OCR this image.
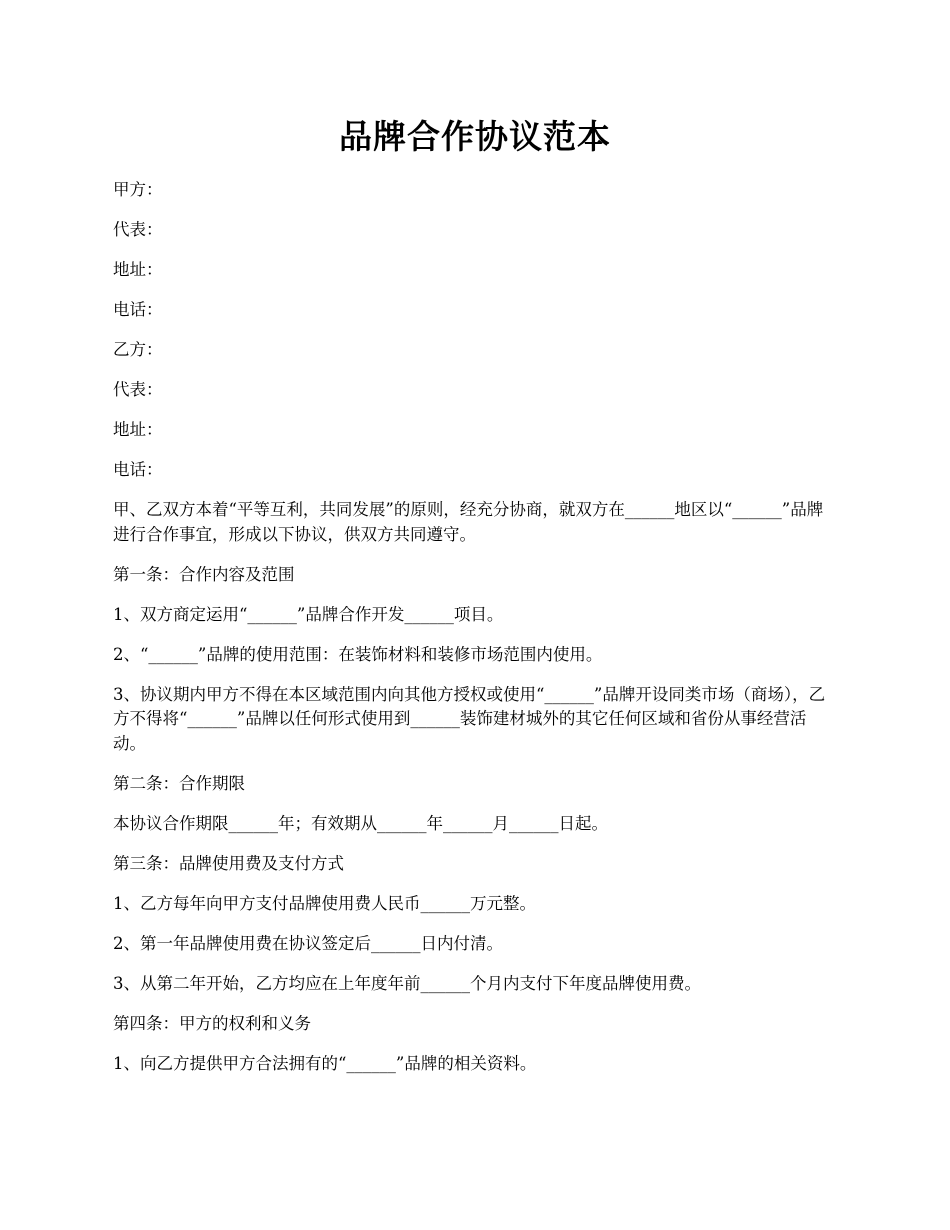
品牌合作协议范本

甲方：

代表：

地址：

电话：

乙方：

代表：

地址：

电话：

甲、乙双方本着“平等互利，共同发展”的原则，经充分协商，就双方在______地区以“______”品牌进行合作事宜，形成以下协议，供双方共同遵守。

第一条：合作内容及范围

1、双方商定运用“______”品牌合作开发______项目。

2、“______”品牌的使用范围：在装饰材料和装修市场范围内使用。

3、协议期内甲方不得在本区域范围内向其他方授权或使用“______”品牌开设同类市场（商场），乙方不得将“______”品牌以任何形式使用到______装饰建材城外的其它任何区域和省份从事经营活动。

第二条：合作期限

本协议合作期限______年；有效期从______年______月______日起。

第三条：品牌使用费及支付方式

1、乙方每年向甲方支付品牌使用费人民币______万元整。

2、第一年品牌使用费在协议签定后______日内付清。

3、从第二年开始，乙方均应在上年度年前______个月内支付下年度品牌使用费。

第四条：甲方的权利和义务

1、向乙方提供甲方合法拥有的“______”品牌的相关资料。
